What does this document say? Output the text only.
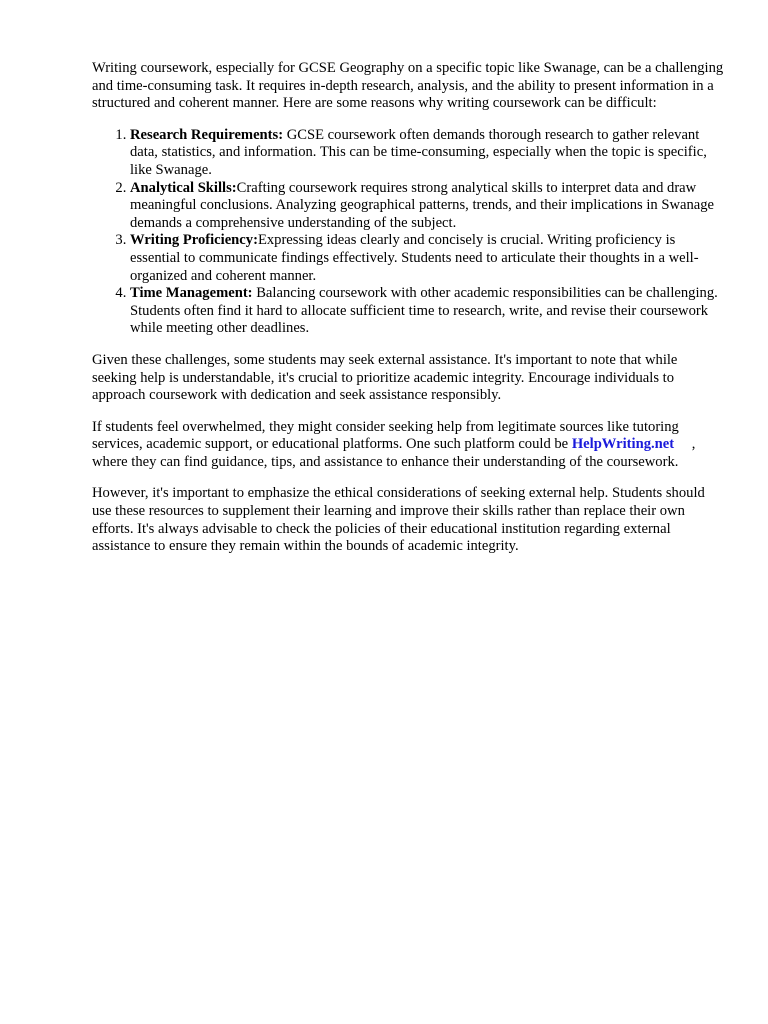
Writing coursework, especially for GCSE Geography on a specific topic like Swanage, can be a challenging and time-consuming task. It requires in-depth research, analysis, and the ability to present information in a structured and coherent manner. Here are some reasons why writing coursework can be difficult:

1. Research Requirements: GCSE coursework often demands thorough research to gather relevant data, statistics, and information. This can be time-consuming, especially when the topic is specific, like Swanage.
2. Analytical Skills:Crafting coursework requires strong analytical skills to interpret data and draw meaningful conclusions. Analyzing geographical patterns, trends, and their implications in Swanage demands a comprehensive understanding of the subject.
3. Writing Proficiency:Expressing ideas clearly and concisely is crucial. Writing proficiency is essential to communicate findings effectively. Students need to articulate their thoughts in a well-organized and coherent manner.
4. Time Management: Balancing coursework with other academic responsibilities can be challenging. Students often find it hard to allocate sufficient time to research, write, and revise their coursework while meeting other deadlines.

Given these challenges, some students may seek external assistance. It's important to note that while seeking help is understandable, it's crucial to prioritize academic integrity. Encourage individuals to approach coursework with dedication and seek assistance responsibly.

If students feel overwhelmed, they might consider seeking help from legitimate sources like tutoring services, academic support, or educational platforms. One such platform could be HelpWriting.net , where they can find guidance, tips, and assistance to enhance their understanding of the coursework.

However, it's important to emphasize the ethical considerations of seeking external help. Students should use these resources to supplement their learning and improve their skills rather than replace their own efforts. It's always advisable to check the policies of their educational institution regarding external assistance to ensure they remain within the bounds of academic integrity.
